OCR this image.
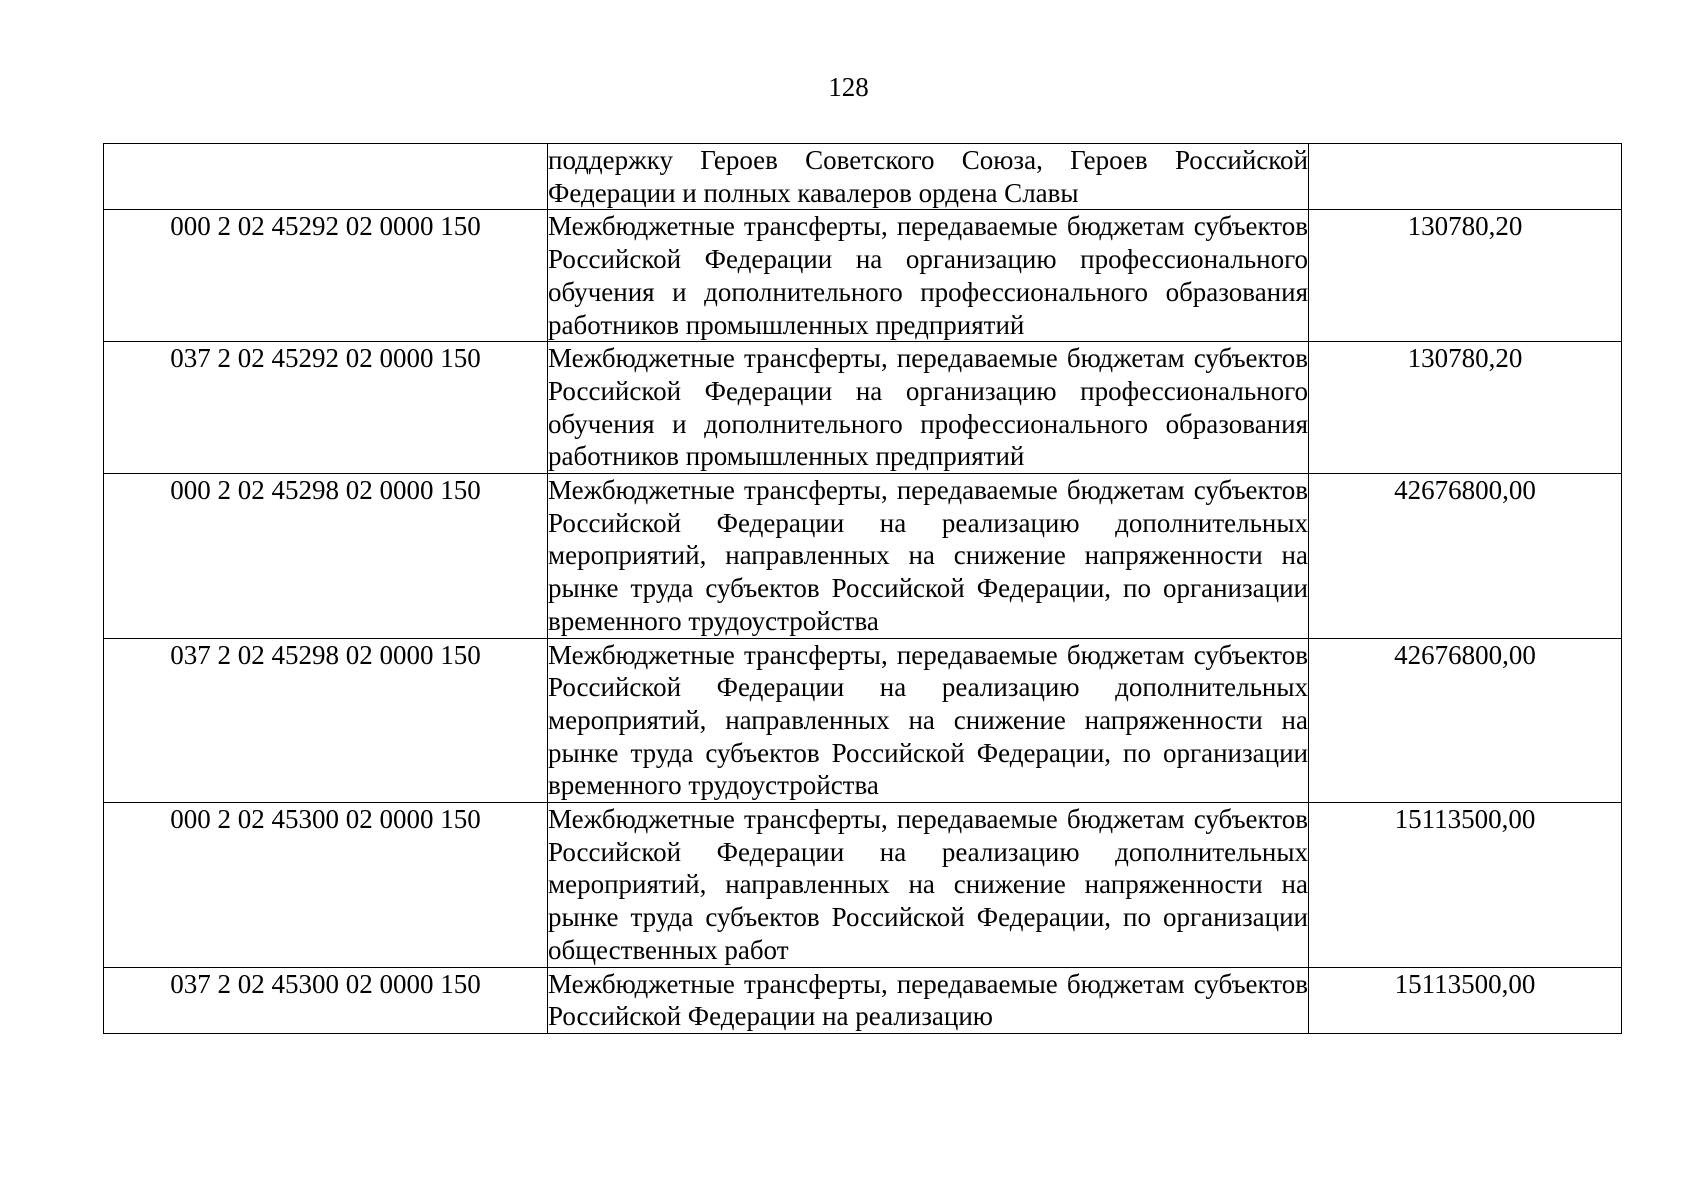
128
	поддержку Героев Советского Союза, Героев Российской Федерации и полных кавалеров ордена Славы	
000 2 02 45292 02 0000 150	Межбюджетные трансферты, передаваемые бюджетам субъектов Российской Федерации на организацию профессионального обучения и дополнительного профессионального образования работников промышленных предприятий	130780,20
037 2 02 45292 02 0000 150	Межбюджетные трансферты, передаваемые бюджетам субъектов Российской Федерации на организацию профессионального обучения и дополнительного профессионального образования работников промышленных предприятий	130780,20
000 2 02 45298 02 0000 150	Межбюджетные трансферты, передаваемые бюджетам субъектов Российской Федерации на реализацию дополнительных мероприятий, направленных на снижение напряженности на рынке труда субъектов Российской Федерации, по организации временного трудоустройства	42676800,00
037 2 02 45298 02 0000 150	Межбюджетные трансферты, передаваемые бюджетам субъектов Российской Федерации на реализацию дополнительных мероприятий, направленных на снижение напряженности на рынке труда субъектов Российской Федерации, по организации временного трудоустройства	42676800,00
000 2 02 45300 02 0000 150	Межбюджетные трансферты, передаваемые бюджетам субъектов Российской Федерации на реализацию дополнительных мероприятий, направленных на снижение напряженности на рынке труда субъектов Российской Федерации, по организации общественных работ	15113500,00
037 2 02 45300 02 0000 150	Межбюджетные трансферты, передаваемые бюджетам субъектов Российской Федерации на реализацию	15113500,00
